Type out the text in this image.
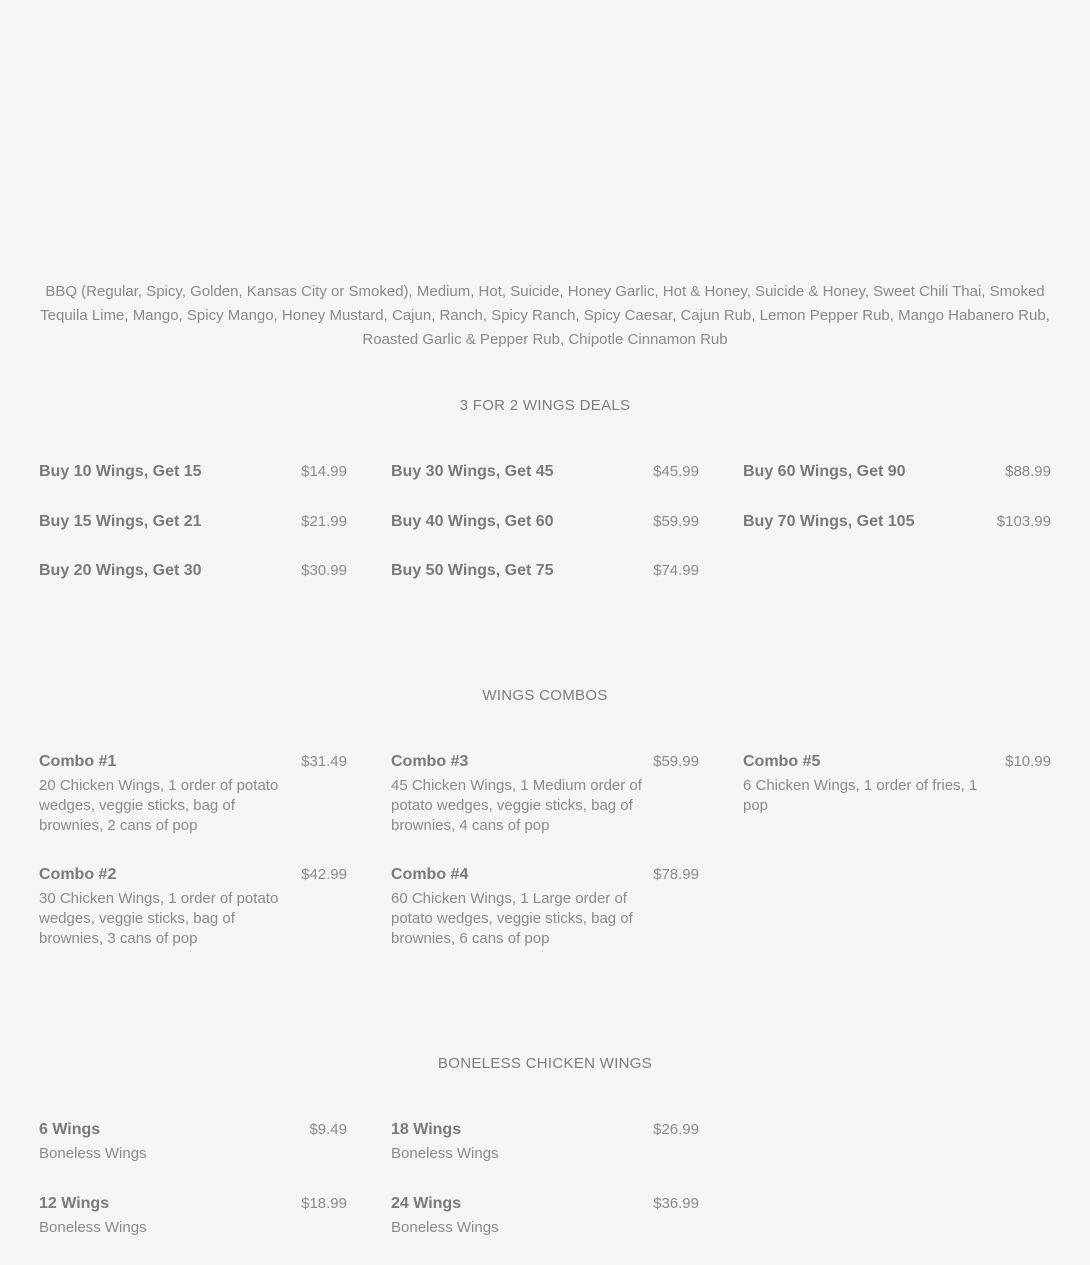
BBQ (Regular, Spicy, Golden, Kansas City or Smoked), Medium, Hot, Suicide, Honey Garlic, Hot & Honey, Suicide & Honey, Sweet Chili Thai, Smoked Tequila Lime, Mango, Spicy Mango, Honey Mustard, Cajun, Ranch, Spicy Ranch, Spicy Caesar, Cajun Rub, Lemon Pepper Rub, Mango Habanero Rub, Roasted Garlic & Pepper Rub, Chipotle Cinnamon Rub
3 FOR 2 WINGS DEALS
Buy 10 Wings, Get 15	$14.99
Buy 15 Wings, Get 21	$21.99
Buy 20 Wings, Get 30	$30.99
Buy 30 Wings, Get 45	$45.99
Buy 40 Wings, Get 60	$59.99
Buy 50 Wings, Get 75	$74.99
Buy 60 Wings, Get 90	$88.99
Buy 70 Wings, Get 105	$103.99
WINGS COMBOS
Combo #1	$31.49
20 Chicken Wings, 1 order of potato wedges, veggie sticks, bag of brownies, 2 cans of pop
Combo #2	$42.99
30 Chicken Wings, 1 order of potato wedges, veggie sticks, bag of brownies, 3 cans of pop
Combo #3	$59.99
45 Chicken Wings, 1 Medium order of potato wedges, veggie sticks, bag of brownies, 4 cans of pop
Combo #4	$78.99
60 Chicken Wings, 1 Large order of potato wedges, veggie sticks, bag of brownies, 6 cans of pop
Combo #5	$10.99
6 Chicken Wings, 1 order of fries, 1 pop
BONELESS CHICKEN WINGS
6 Wings	$9.49
Boneless Wings
12 Wings	$18.99
Boneless Wings
18 Wings	$26.99
Boneless Wings
24 Wings	$36.99
Boneless Wings
